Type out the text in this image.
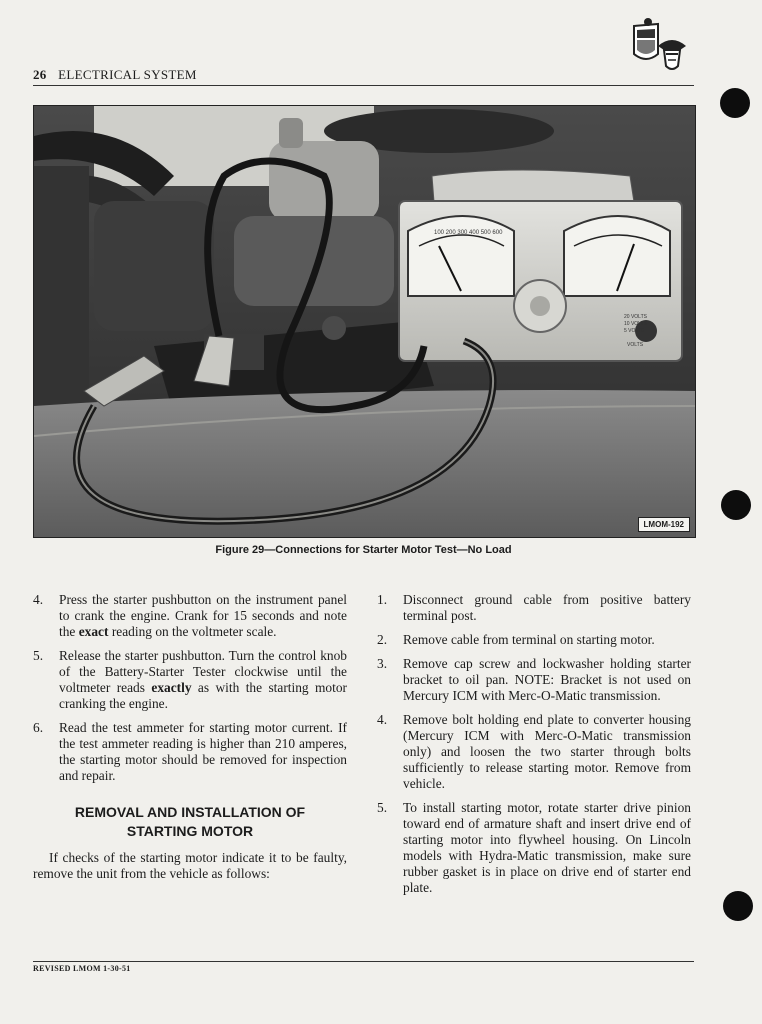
26 ELECTRICAL SYSTEM
100 200 300 400 500 600
20 VOLTS
10 VOLTS
5 VOLTS
VOLTS
LMOM-192
Figure 29—Connections for Starter Motor Test—No Load
4.	Press the starter pushbutton on the instrument panel to crank the engine. Crank for 15 seconds and note the exact reading on the voltmeter scale.
5.	Release the starter pushbutton. Turn the control knob of the Battery-Starter Tester clockwise until the voltmeter reads exactly as with the starting motor cranking the engine.
6.	Read the test ammeter for starting motor current. If the test ammeter reading is higher than 210 amperes, the starting motor should be removed for inspection and repair.
REMOVAL AND INSTALLATION OF
STARTING MOTOR
If checks of the starting motor indicate it to be faulty, remove the unit from the vehicle as follows:
1.	Disconnect ground cable from positive battery terminal post.
2.	Remove cable from terminal on starting motor.
3.	Remove cap screw and lockwasher holding starter bracket to oil pan. NOTE: Bracket is not used on Mercury ICM with Merc-O-Matic transmission.
4.	Remove bolt holding end plate to converter housing (Mercury ICM with Merc-O-Matic transmission only) and loosen the two starter through bolts sufficiently to release starting motor. Remove from vehicle.
5.	To install starting motor, rotate starter drive pinion toward end of armature shaft and insert drive end of starting motor into flywheel housing. On Lincoln models with Hydra-Matic transmission, make sure rubber gasket is in place on drive end of starter end plate.
REVISED LMOM 1-30-51
